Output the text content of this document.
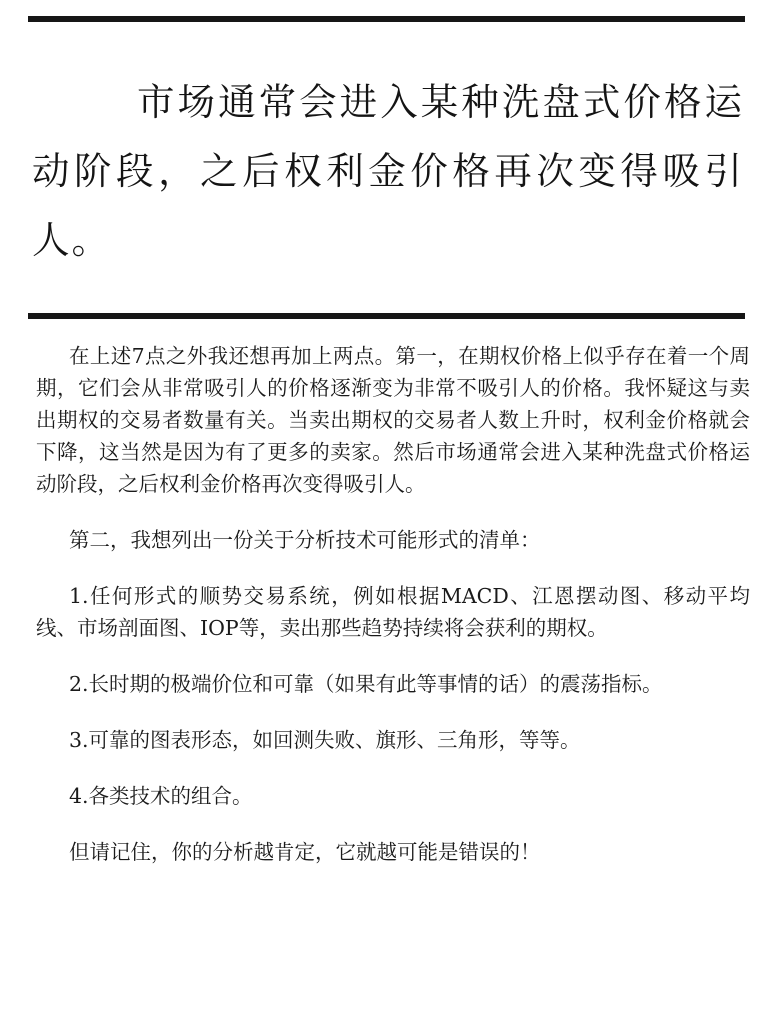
市场通常会进入某种洗盘式价格运动阶段，之后权利金价格再次变得吸引人。

在上述7点之外我还想再加上两点。第一，在期权价格上似乎存在着一个周期，它们会从非常吸引人的价格逐渐变为非常不吸引人的价格。我怀疑这与卖出期权的交易者数量有关。当卖出期权的交易者人数上升时，权利金价格就会下降，这当然是因为有了更多的卖家。然后市场通常会进入某种洗盘式价格运动阶段，之后权利金价格再次变得吸引人。

第二，我想列出一份关于分析技术可能形式的清单：

1.任何形式的顺势交易系统，例如根据MACD、江恩摆动图、移动平均线、市场剖面图、IOP等，卖出那些趋势持续将会获利的期权。

2.长时期的极端价位和可靠（如果有此等事情的话）的震荡指标。

3.可靠的图表形态，如回测失败、旗形、三角形，等等。

4.各类技术的组合。

但请记住，你的分析越肯定，它就越可能是错误的！
